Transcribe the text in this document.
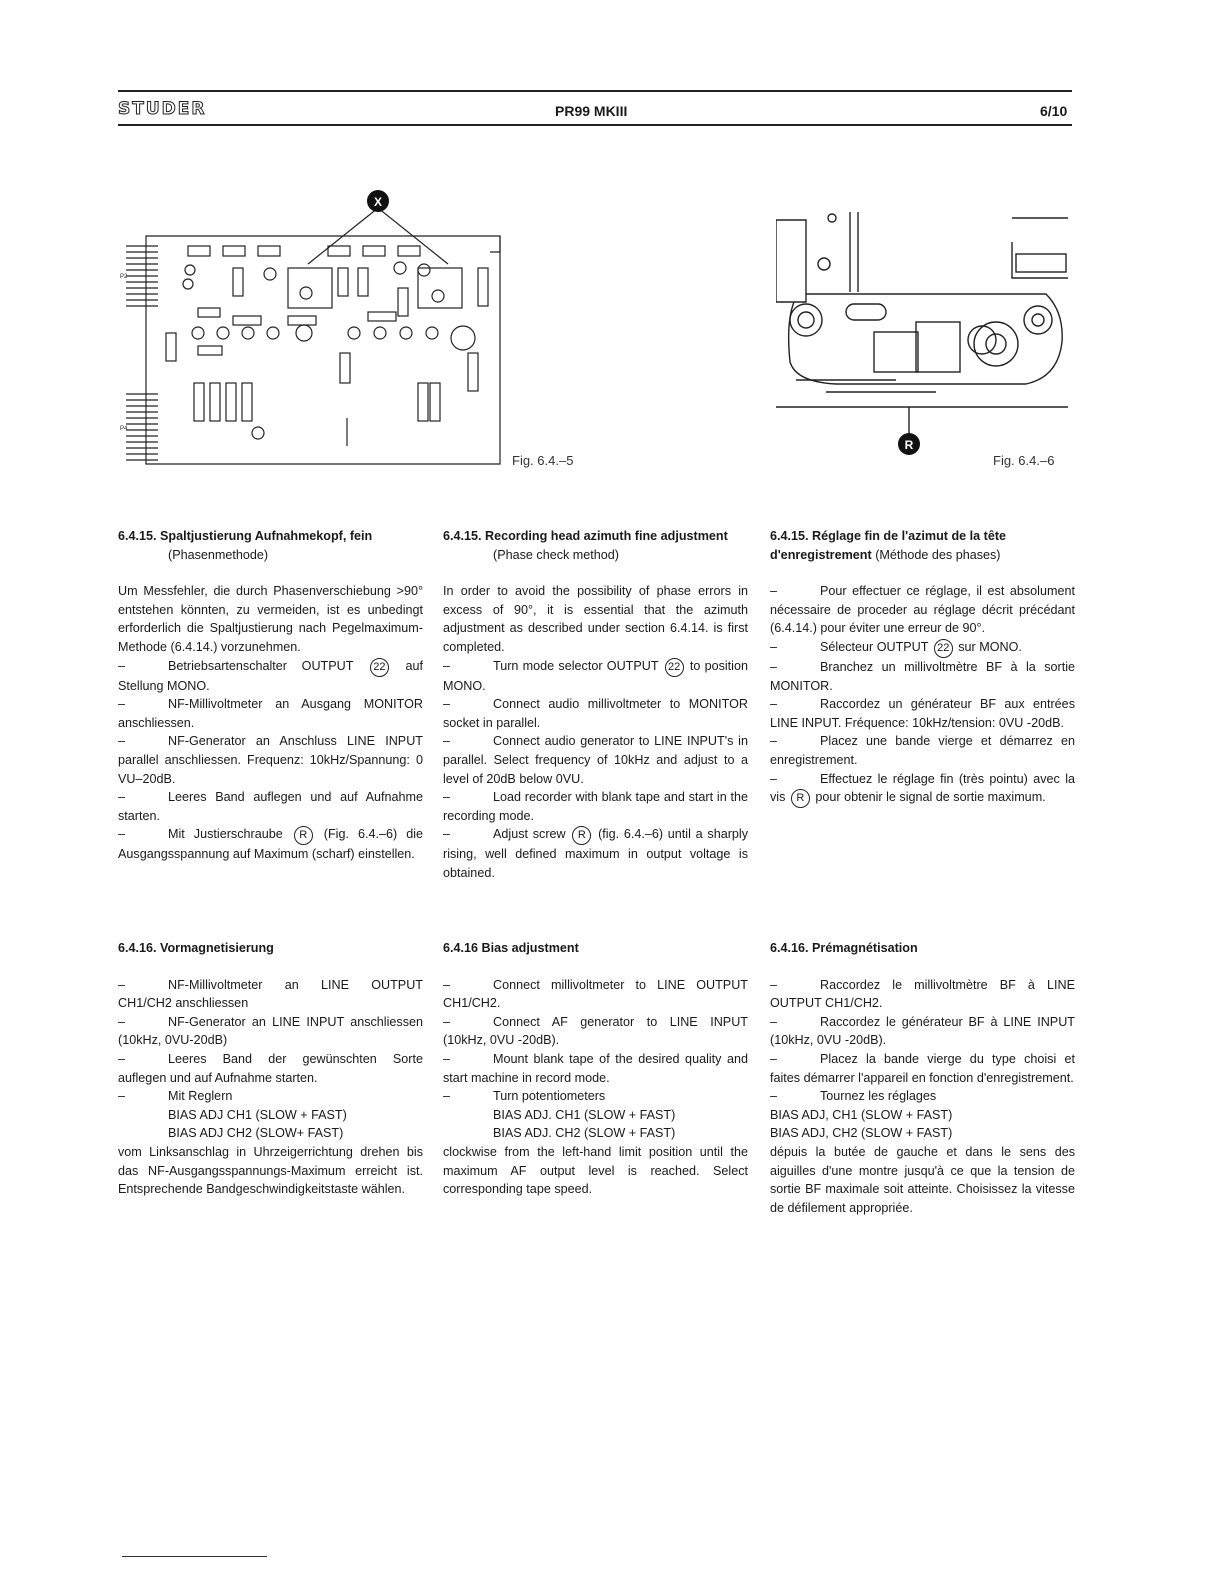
STUDER	PR99 MKIII	6/10
X
P2
P4
Fig. 6.4.–5
R
Fig. 6.4.–6
6.4.15. Spaltjustierung Aufnahmekopf, fein
(Phasenmethode)

Um Messfehler, die durch Phasenverschiebung >90° entstehen könnten, zu vermeiden, ist es unbedingt erforderlich die Spaltjustierung nach Pegelmaximum-Methode (6.4.14.) vorzunehmen.

–	Betriebsartenschalter OUTPUT 22 auf Stellung MONO.

–	NF-Millivoltmeter an Ausgang MONITOR anschliessen.

–	NF-Generator an Anschluss LINE INPUT parallel anschliessen. Frequenz: 10kHz/Spannung: 0 VU–20dB.

–	Leeres Band auflegen und auf Aufnahme starten.

–	Mit Justierschraube R (Fig. 6.4.–6) die Ausgangsspannung auf Maximum (scharf) einstellen.

6.4.15. Recording head azimuth fine adjustment
(Phase check method)

In order to avoid the possibility of phase errors in excess of 90°, it is essential that the azimuth adjustment as described under section 6.4.14. is first completed.

–	Turn mode selector OUTPUT 22 to position MONO.

–	Connect audio millivoltmeter to MONITOR socket in parallel.

–	Connect audio generator to LINE INPUT's in parallel. Select frequency of 10kHz and adjust to a level of 20dB below 0VU.

–	Load recorder with blank tape and start in the recording mode.

–	Adjust screw R (fig. 6.4.–6) until a sharply rising, well defined maximum in output voltage is obtained.

6.4.15. Réglage fin de l'azimut de la tête d'enregistrement (Méthode des phases)

–	Pour effectuer ce réglage, il est absolument nécessaire de proceder au réglage décrit précédant (6.4.14.) pour éviter une erreur de 90°.

–	Sélecteur OUTPUT 22 sur MONO.

–	Branchez un millivoltmètre BF à la sortie MONITOR.

–	Raccordez un générateur BF aux entrées LINE INPUT. Fréquence: 10kHz/tension: 0VU -20dB.

–	Placez une bande vierge et démarrez en enregistrement.

–	Effectuez le réglage fin (très pointu) avec la vis R pour obtenir le signal de sortie maximum.

6.4.16. Vormagnetisierung

–	NF-Millivoltmeter an LINE OUTPUT CH1/CH2 anschliessen

–	NF-Generator an LINE INPUT anschliessen (10kHz, 0VU-20dB)

–	Leeres Band der gewünschten Sorte auflegen und auf Aufnahme starten.

–	Mit Reglern

BIAS ADJ CH1 (SLOW + FAST)

BIAS ADJ CH2 (SLOW+ FAST)

vom Linksanschlag in Uhrzeigerrichtung drehen bis das NF-Ausgangsspannungs-Maximum erreicht ist. Entsprechende Bandgeschwindigkeitstaste wählen.

6.4.16 Bias adjustment

–	Connect millivoltmeter to LINE OUTPUT CH1/CH2.

–	Connect AF generator to LINE INPUT (10kHz, 0VU -20dB).

–	Mount blank tape of the desired quality and start machine in record mode.

–	Turn potentiometers

BIAS ADJ. CH1 (SLOW + FAST)

BIAS ADJ. CH2 (SLOW + FAST)

clockwise from the left-hand limit position until the maximum AF output level is reached. Select corresponding tape speed.

6.4.16. Prémagnétisation

–	Raccordez le millivoltmètre BF à LINE OUTPUT CH1/CH2.

–	Raccordez le générateur BF à LINE INPUT (10kHz, 0VU -20dB).

–	Placez la bande vierge du type choisi et faites démarrer l'appareil en fonction d'enregistrement.

–	Tournez les réglages

BIAS ADJ, CH1 (SLOW + FAST)

BIAS ADJ, CH2 (SLOW + FAST)

dépuis la butée de gauche et dans le sens des aiguilles d'une montre jusqu'à ce que la tension de sortie BF maximale soit atteinte. Choisissez la vitesse de défilement appropriée.
